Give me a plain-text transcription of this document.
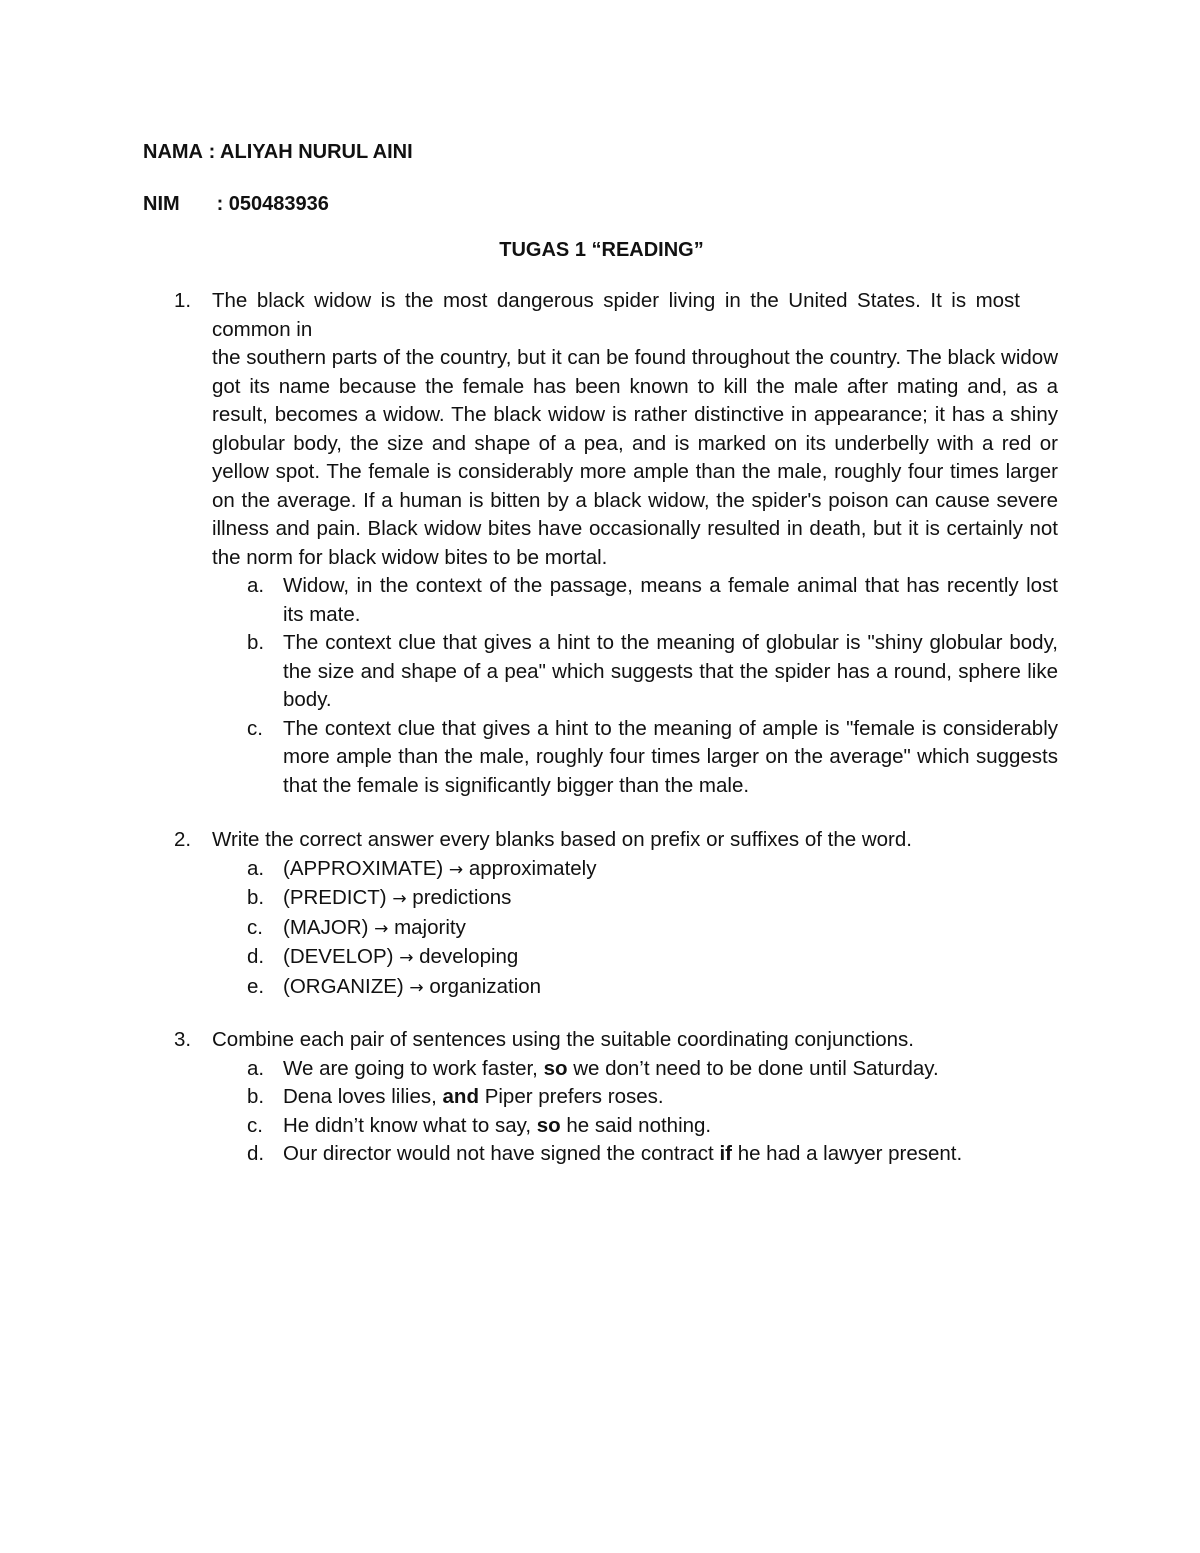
NAMA : ALIYAH NURUL AINI
NIM : 050483936
TUGAS 1 “READING”
1.	The black widow is the most dangerous spider living in the United States. It is most common in
the southern parts of the country, but it can be found throughout the country. The black widow got its name because the female has been known to kill the male after mating and, as a result, becomes a widow. The black widow is rather distinctive in appearance; it has a shiny globular body, the size and shape of a pea, and is marked on its underbelly with a red or yellow spot. The female is considerably more ample than the male, roughly four times larger on the average. If a human is bitten by a black widow, the spider's poison can cause severe illness and pain. Black widow bites have occasionally resulted in death, but it is certainly not the norm for black widow bites to be mortal.
a. Widow, in the context of the passage, means a female animal that has recently lost its mate.
b. The context clue that gives a hint to the meaning of globular is "shiny globular body, the size and shape of a pea" which suggests that the spider has a round, sphere like body.
c. The context clue that gives a hint to the meaning of ample is "female is considerably more ample than the male, roughly four times larger on the average" which suggests that the female is significantly bigger than the male.
2.	Write the correct answer every blanks based on prefix or suffixes of the word.
a. (APPROXIMATE) → approximately
b. (PREDICT) → predictions
c. (MAJOR) → majority
d. (DEVELOP) → developing
e. (ORGANIZE) → organization
3.	Combine each pair of sentences using the suitable coordinating conjunctions.
a. We are going to work faster, so we don’t need to be done until Saturday.
b. Dena loves lilies, and Piper prefers roses.
c. He didn’t know what to say, so he said nothing.
d. Our director would not have signed the contract if he had a lawyer present.
